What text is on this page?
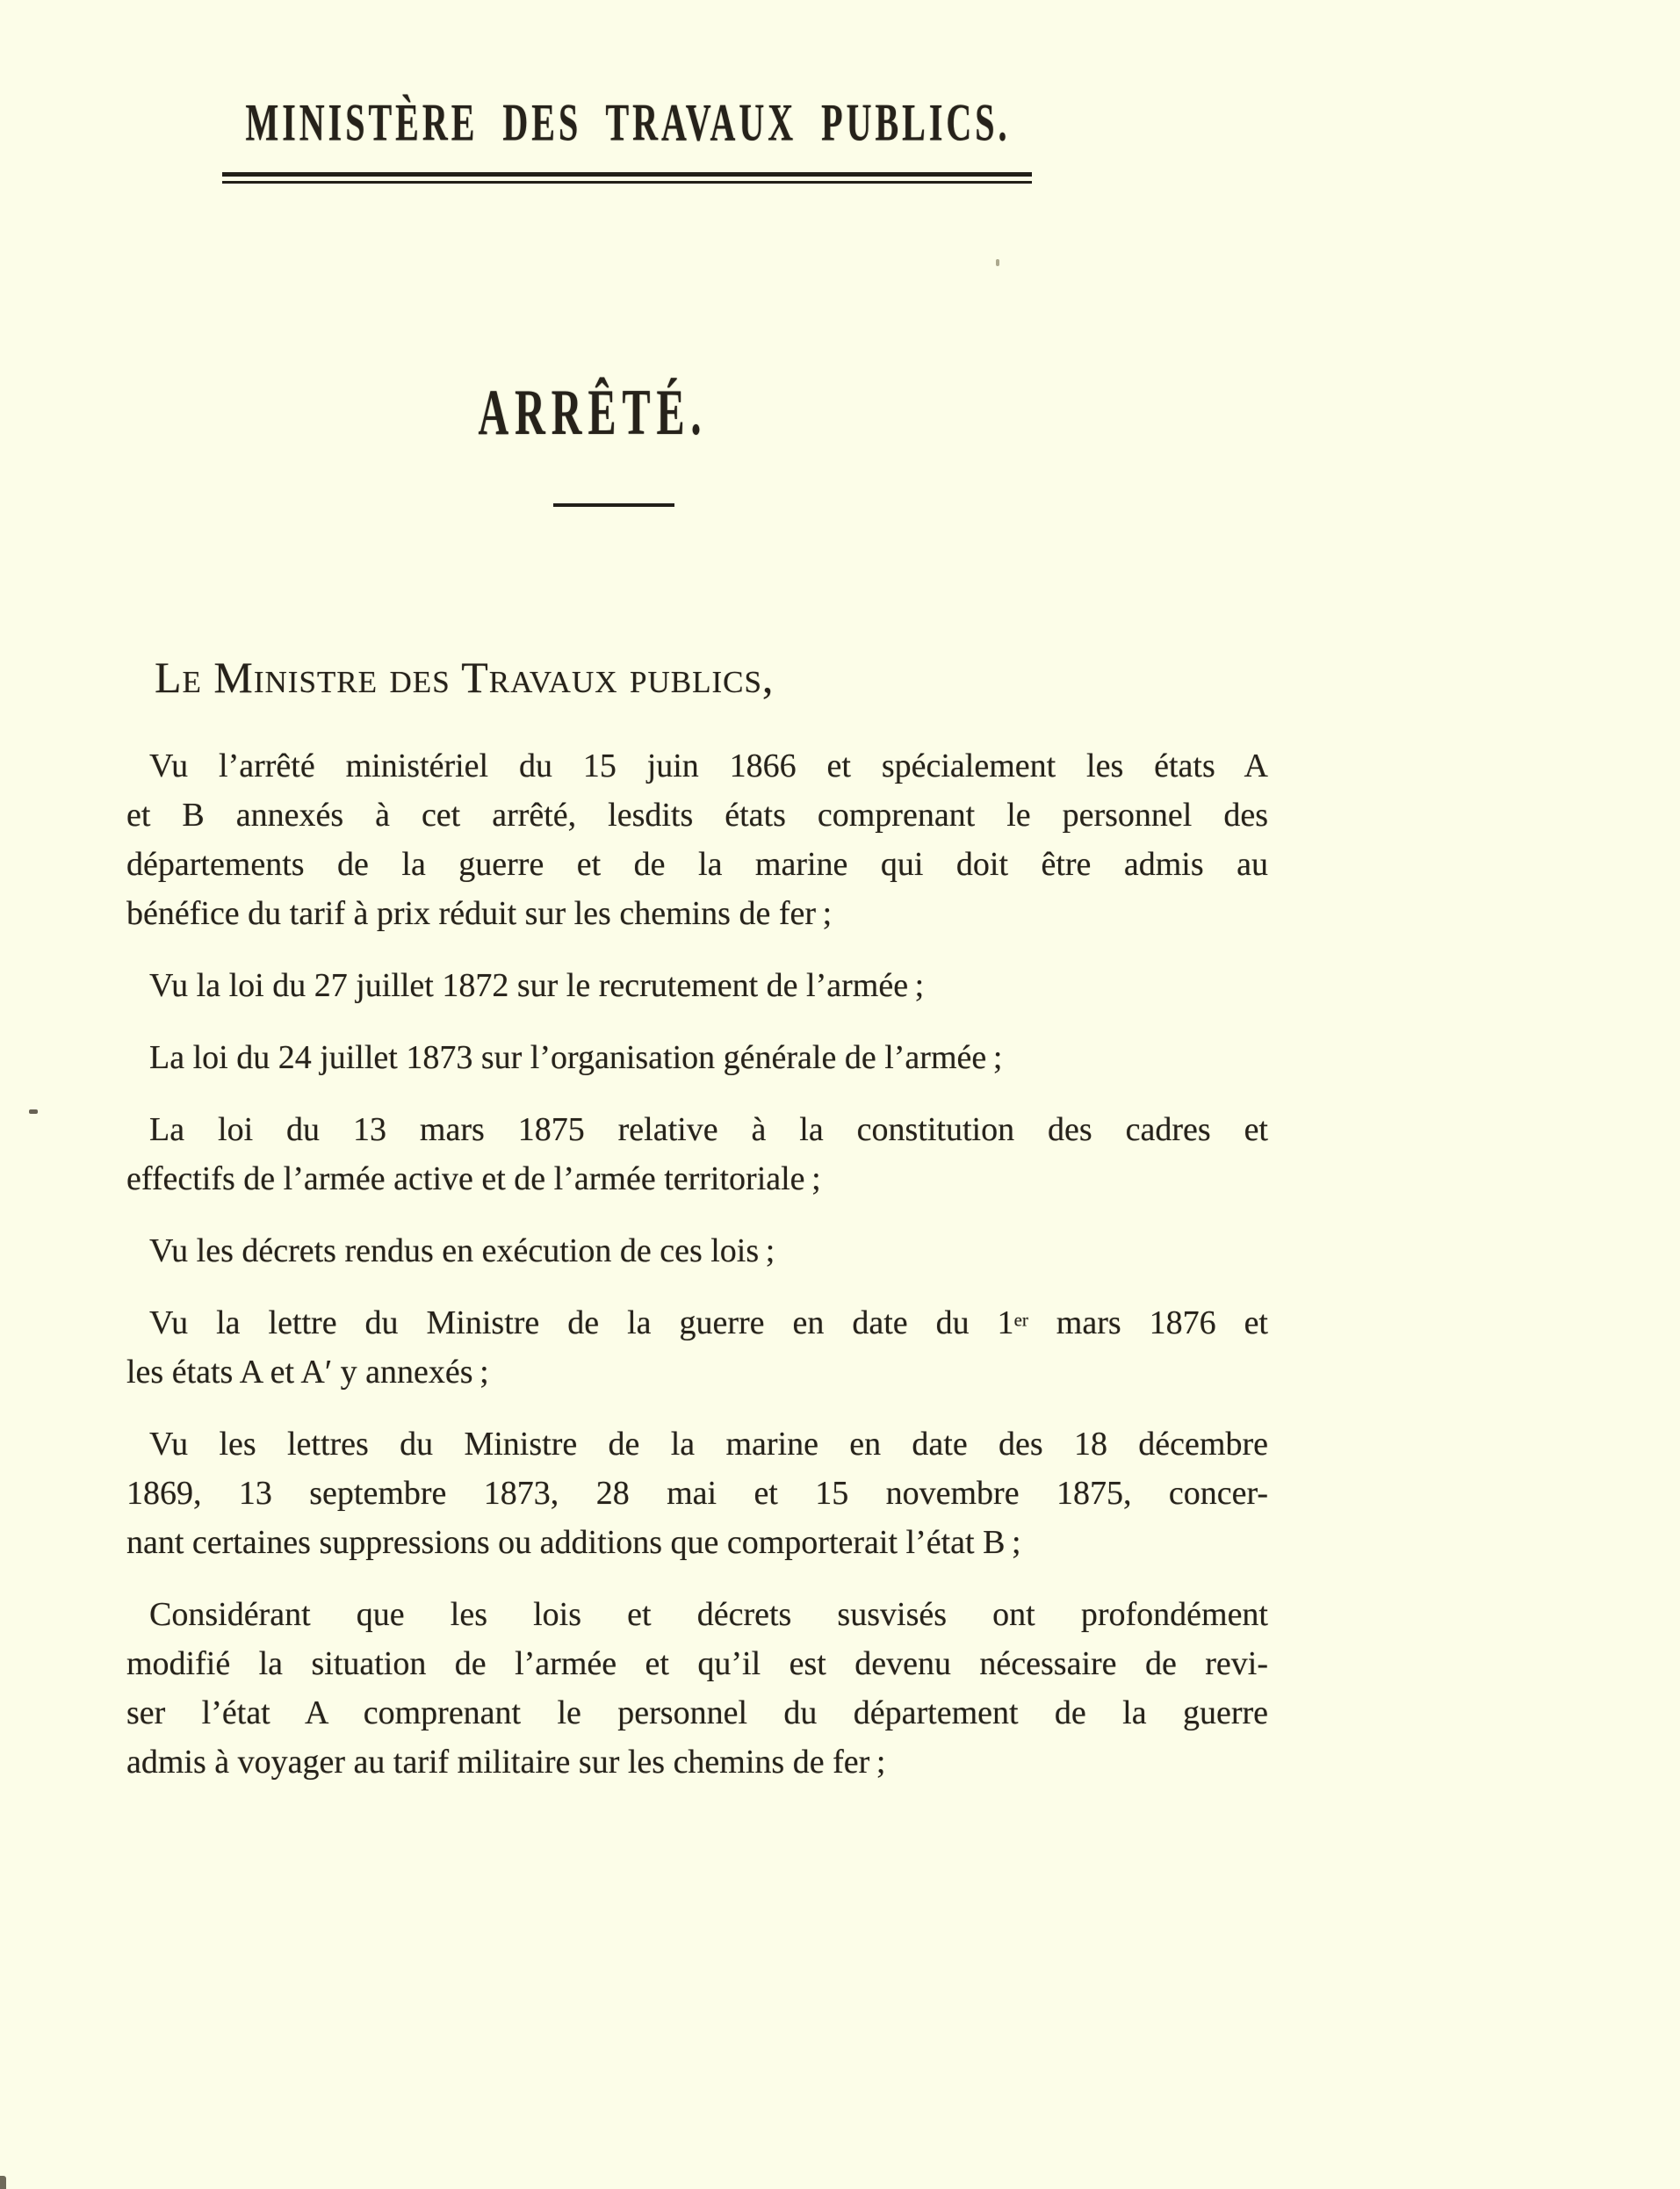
MINISTÈRE DES TRAVAUX PUBLICS.
ARRÊTÉ.
Le Ministre des Travaux publics,
Vu l’arrêté ministériel du 15 juin 1866 et spécialement les états A
et B annexés à cet arrêté, lesdits états comprenant le personnel des
départements de la guerre et de la marine qui doit être admis au
bénéfice du tarif à prix réduit sur les chemins de fer ;
Vu la loi du 27 juillet 1872 sur le recrutement de l’armée ;
La loi du 24 juillet 1873 sur l’organisation générale de l’armée ;
La loi du 13 mars 1875 relative à la constitution des cadres et
effectifs de l’armée active et de l’armée territoriale ;
Vu les décrets rendus en exécution de ces lois ;
Vu la lettre du Ministre de la guerre en date du 1er mars 1876 et
les états A et A′ y annexés ;
Vu les lettres du Ministre de la marine en date des 18 décembre
1869, 13 septembre 1873, 28 mai et 15 novembre 1875, concer-
nant certaines suppressions ou additions que comporterait l’état B ;
Considérant que les lois et décrets susvisés ont profondément
modifié la situation de l’armée et qu’il est devenu nécessaire de revi-
ser l’état A comprenant le personnel du département de la guerre
admis à voyager au tarif militaire sur les chemins de fer ;
